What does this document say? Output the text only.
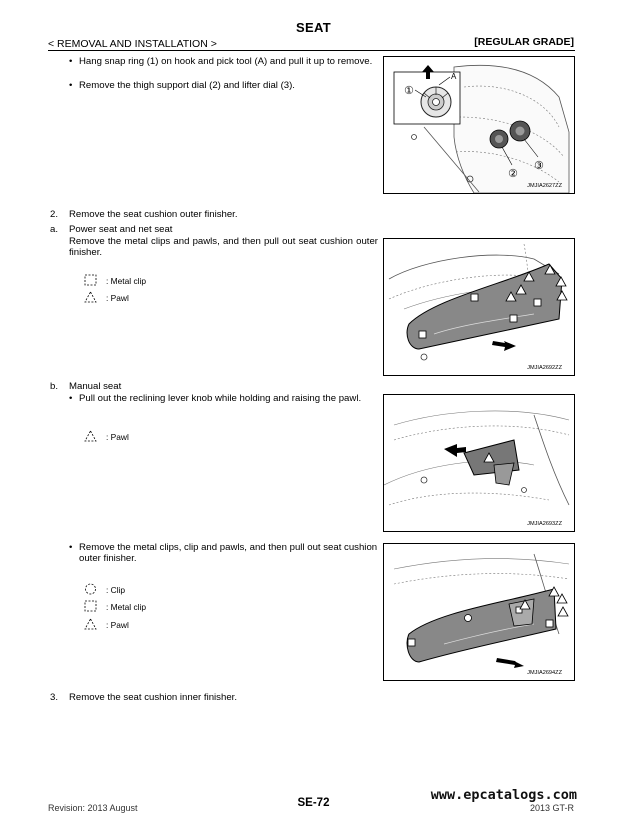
SEAT
< REMOVAL AND INSTALLATION >	[REGULAR GRADE]
• Hang snap ring (1) on hook and pick tool (A) and pull it up to remove.
• Remove the thigh support dial (2) and lifter dial (3).
A
①
②
③
JMJIA2627ZZ
2. Remove the seat cushion outer finisher.
a. Power seat and net seat
Remove the metal clips and pawls, and then pull out seat cushion outer finisher.
: Metal clip
: Pawl
JMJIA2692ZZ
b. Manual seat
• Pull out the reclining lever knob while holding and raising the pawl.
: Pawl
JMJIA2693ZZ
• Remove the metal clips, clip and pawls, and then pull out seat cushion outer finisher.
: Clip
: Metal clip
: Pawl
JMJIA2694ZZ
3. Remove the seat cushion inner finisher.
www.epcatalogs.com
SE-72
Revision: 2013 August	2013 GT-R
